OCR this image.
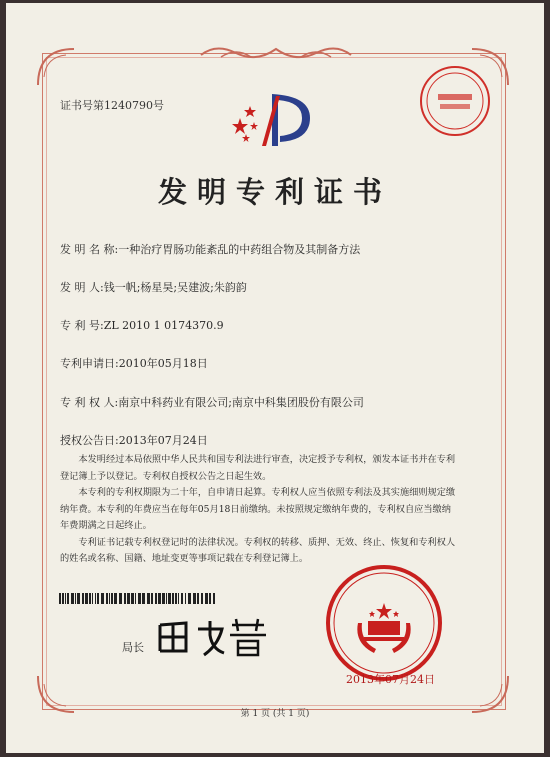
证书号第1240790号
发明专利证书
发 明 名 称:一种治疗胃肠功能紊乱的中药组合物及其制备方法
发 明 人:钱一帆;杨星昊;吴建波;朱韵韵
专 利 号:ZL 2010 1 0174370.9
专利申请日:2010年05月18日
专 利 权 人:南京中科药业有限公司;南京中科集团股份有限公司
授权公告日:2013年07月24日

本发明经过本局依照中华人民共和国专利法进行审查，决定授予专利权，颁发本证书并在专利登记簿上予以登记。专利权自授权公告之日起生效。

本专利的专利权期限为二十年，自申请日起算。专利权人应当依照专利法及其实施细则规定缴纳年费。本专利的年费应当在每年05月18日前缴纳。未按照规定缴纳年费的，专利权自应当缴纳年费期满之日起终止。

专利证书记载专利权登记时的法律状况。专利权的转移、质押、无效、终止、恢复和专利权人的姓名或名称、国籍、地址变更等事项记载在专利登记簿上。

局长
2013年07月24日
第 1 页 (共 1 页)
